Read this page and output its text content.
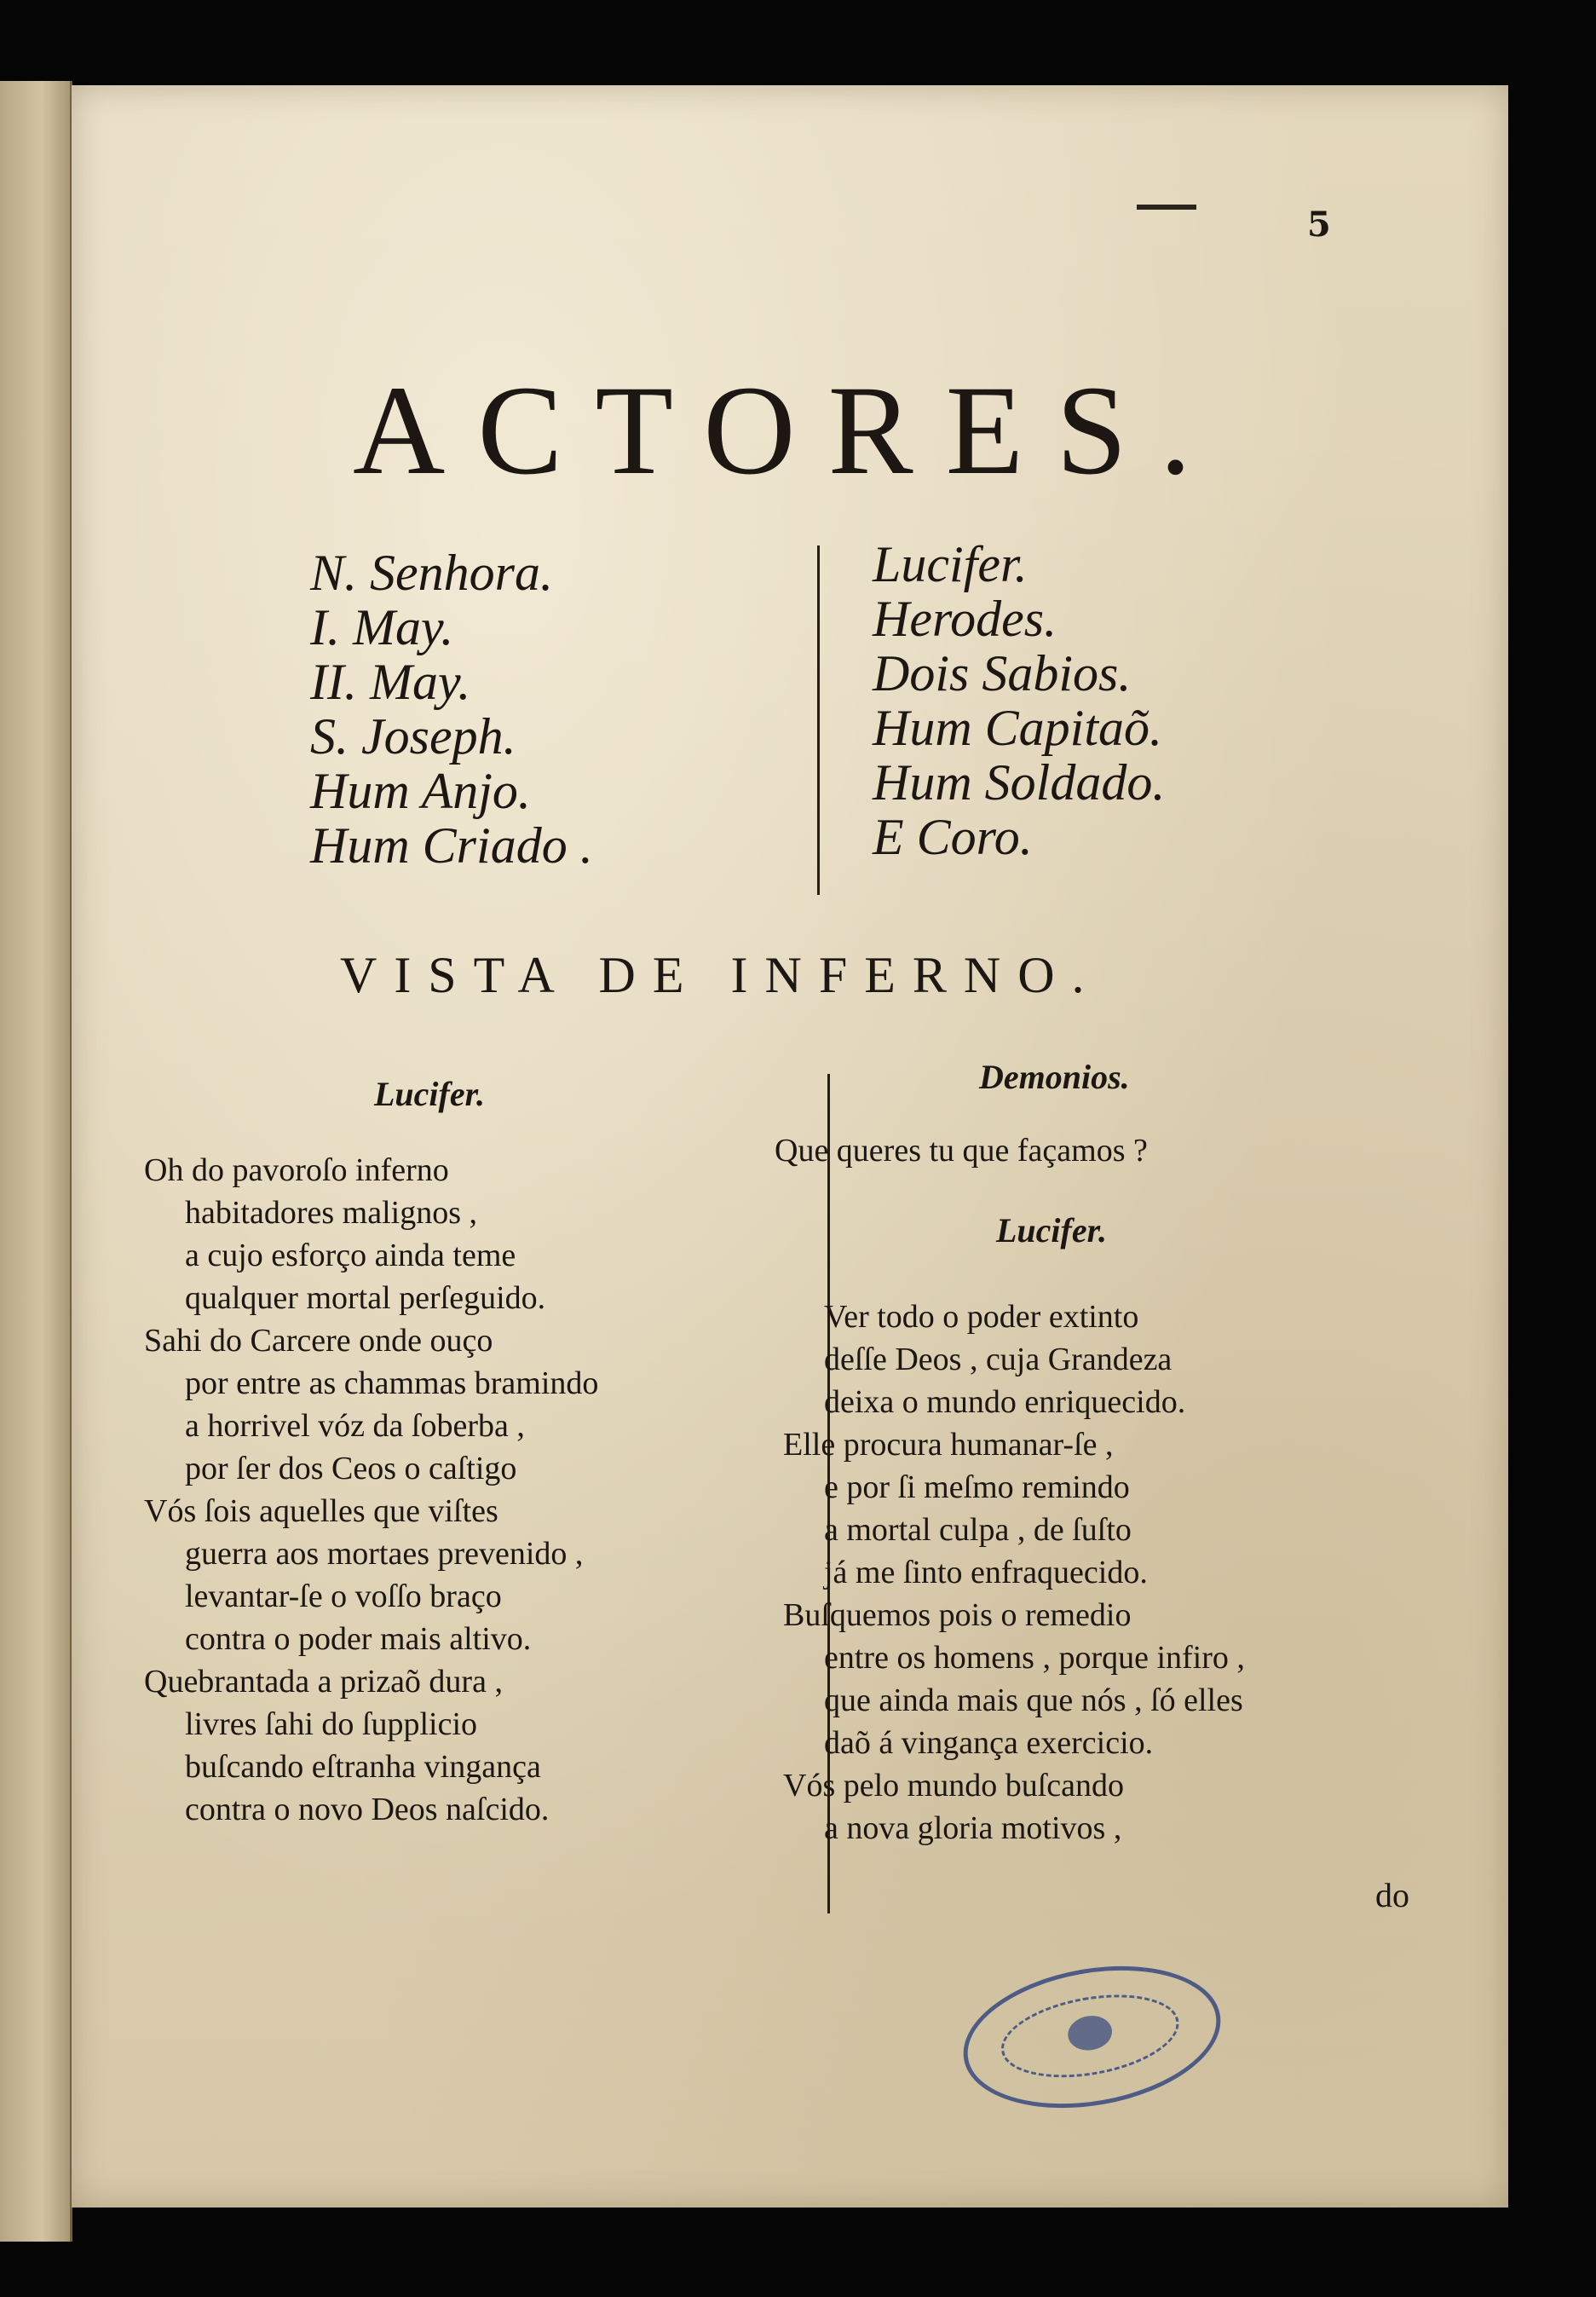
5
ACTORES.
N. Senhora.
I. May.
II. May.
S. Joseph.
Hum Anjo.
Hum Criado .
Lucifer.
Herodes.
Dois Sabios.
Hum Capitaõ.
Hum Soldado.
E Coro.
VISTA DE INFERNO.
Lucifer.
Oh do pavoroſo inferno
habitadores malignos ,
a cujo esforço ainda teme
qualquer mortal perſeguido.
Sahi do Carcere onde ouço
por entre as chammas bramindo
a horrivel vóz da ſoberba ,
por ſer dos Ceos o caſtigo
Vós ſois aquelles que viſtes
guerra aos mortaes prevenido ,
levantar-ſe o voſſo braço
contra o poder mais altivo.
Quebrantada a prizaõ dura ,
livres ſahi do ſupplicio
buſcando eſtranha vingança
contra o novo Deos naſcido.
Demonios.
Que queres tu que façamos ?
Lucifer.
Ver todo o poder extinto
deſſe Deos , cuja Grandeza
deixa o mundo enriquecido.
Elle procura humanar-ſe ,
e por ſi meſmo remindo
a mortal culpa , de ſuſto
já me ſinto enfraquecido.
Buſquemos pois o remedio
entre os homens , porque infiro ,
que ainda mais que nós , ſó elles
daõ á vingança exercicio.
Vós pelo mundo buſcando
a nova gloria motivos ,
do
